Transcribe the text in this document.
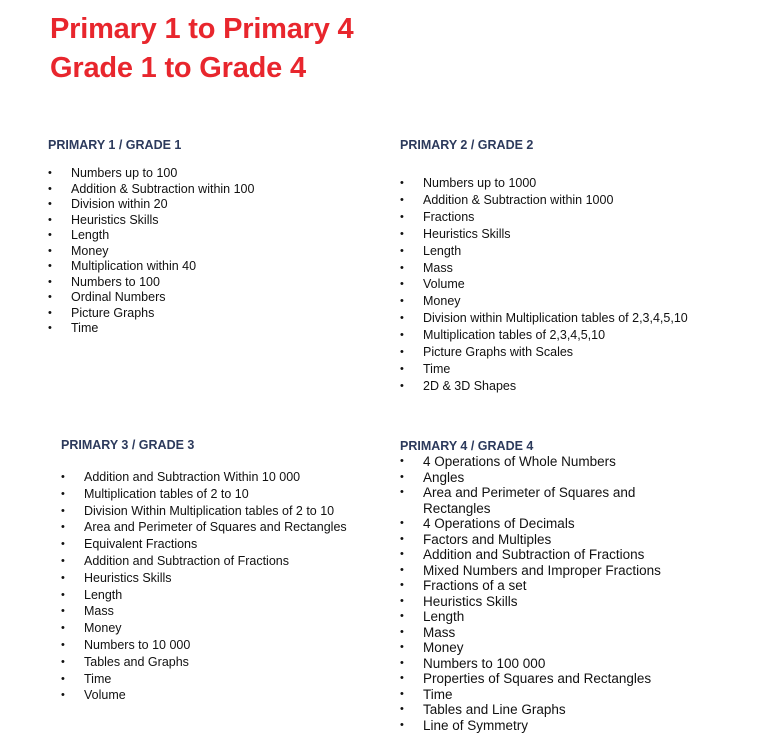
Primary 1 to Primary 4
Grade 1 to Grade 4
PRIMARY 1 / GRADE 1
• Numbers up to 100
• Addition & Subtraction within 100
• Division within 20
• Heuristics Skills
• Length
• Money
• Multiplication within 40
• Numbers to 100
• Ordinal Numbers
• Picture Graphs
• Time
PRIMARY 2 / GRADE 2
• Numbers up to 1000
• Addition & Subtraction within 1000
• Fractions
• Heuristics Skills
• Length
• Mass
• Volume
• Money
• Division within Multiplication tables of 2,3,4,5,10
• Multiplication tables of 2,3,4,5,10
• Picture Graphs with Scales
• Time
• 2D & 3D Shapes
PRIMARY 3 / GRADE 3
• Addition and Subtraction Within 10 000
• Multiplication tables of 2 to 10
• Division Within Multiplication tables of 2 to 10
• Area and Perimeter of Squares and Rectangles
• Equivalent Fractions
• Addition and Subtraction of Fractions
• Heuristics Skills
• Length
• Mass
• Money
• Numbers to 10 000
• Tables and Graphs
• Time
• Volume
PRIMARY 4 / GRADE 4
• 4 Operations of Whole Numbers
• Angles
• Area and Perimeter of Squares and Rectangles
• 4 Operations of Decimals
• Factors and Multiples
• Addition and Subtraction of Fractions
• Mixed Numbers and Improper Fractions
• Fractions of a set
• Heuristics Skills
• Length
• Mass
• Money
• Numbers to 100 000
• Properties of Squares and Rectangles
• Time
• Tables and Line Graphs
• Line of Symmetry
